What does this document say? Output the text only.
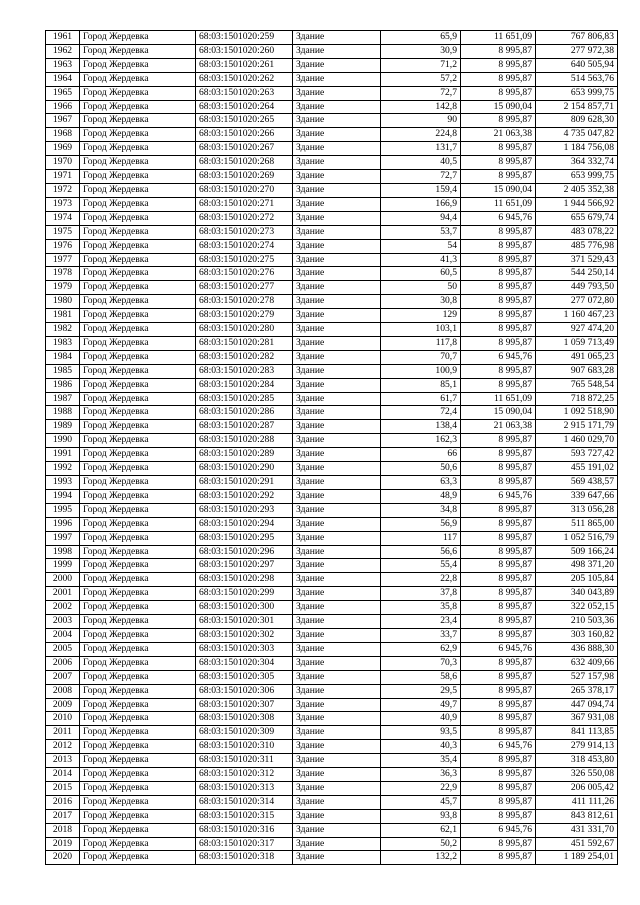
1961	Город Жердевка	68:03:1501020:259	Здание	65,9	11 651,09	767 806,83
1962	Город Жердевка	68:03:1501020:260	Здание	30,9	8 995,87	277 972,38
1963	Город Жердевка	68:03:1501020:261	Здание	71,2	8 995,87	640 505,94
1964	Город Жердевка	68:03:1501020:262	Здание	57,2	8 995,87	514 563,76
1965	Город Жердевка	68:03:1501020:263	Здание	72,7	8 995,87	653 999,75
1966	Город Жердевка	68:03:1501020:264	Здание	142,8	15 090,04	2 154 857,71
1967	Город Жердевка	68:03:1501020:265	Здание	90	8 995,87	809 628,30
1968	Город Жердевка	68:03:1501020:266	Здание	224,8	21 063,38	4 735 047,82
1969	Город Жердевка	68:03:1501020:267	Здание	131,7	8 995,87	1 184 756,08
1970	Город Жердевка	68:03:1501020:268	Здание	40,5	8 995,87	364 332,74
1971	Город Жердевка	68:03:1501020:269	Здание	72,7	8 995,87	653 999,75
1972	Город Жердевка	68:03:1501020:270	Здание	159,4	15 090,04	2 405 352,38
1973	Город Жердевка	68:03:1501020:271	Здание	166,9	11 651,09	1 944 566,92
1974	Город Жердевка	68:03:1501020:272	Здание	94,4	6 945,76	655 679,74
1975	Город Жердевка	68:03:1501020:273	Здание	53,7	8 995,87	483 078,22
1976	Город Жердевка	68:03:1501020:274	Здание	54	8 995,87	485 776,98
1977	Город Жердевка	68:03:1501020:275	Здание	41,3	8 995,87	371 529,43
1978	Город Жердевка	68:03:1501020:276	Здание	60,5	8 995,87	544 250,14
1979	Город Жердевка	68:03:1501020:277	Здание	50	8 995,87	449 793,50
1980	Город Жердевка	68:03:1501020:278	Здание	30,8	8 995,87	277 072,80
1981	Город Жердевка	68:03:1501020:279	Здание	129	8 995,87	1 160 467,23
1982	Город Жердевка	68:03:1501020:280	Здание	103,1	8 995,87	927 474,20
1983	Город Жердевка	68:03:1501020:281	Здание	117,8	8 995,87	1 059 713,49
1984	Город Жердевка	68:03:1501020:282	Здание	70,7	6 945,76	491 065,23
1985	Город Жердевка	68:03:1501020:283	Здание	100,9	8 995,87	907 683,28
1986	Город Жердевка	68:03:1501020:284	Здание	85,1	8 995,87	765 548,54
1987	Город Жердевка	68:03:1501020:285	Здание	61,7	11 651,09	718 872,25
1988	Город Жердевка	68:03:1501020:286	Здание	72,4	15 090,04	1 092 518,90
1989	Город Жердевка	68:03:1501020:287	Здание	138,4	21 063,38	2 915 171,79
1990	Город Жердевка	68:03:1501020:288	Здание	162,3	8 995,87	1 460 029,70
1991	Город Жердевка	68:03:1501020:289	Здание	66	8 995,87	593 727,42
1992	Город Жердевка	68:03:1501020:290	Здание	50,6	8 995,87	455 191,02
1993	Город Жердевка	68:03:1501020:291	Здание	63,3	8 995,87	569 438,57
1994	Город Жердевка	68:03:1501020:292	Здание	48,9	6 945,76	339 647,66
1995	Город Жердевка	68:03:1501020:293	Здание	34,8	8 995,87	313 056,28
1996	Город Жердевка	68:03:1501020:294	Здание	56,9	8 995,87	511 865,00
1997	Город Жердевка	68:03:1501020:295	Здание	117	8 995,87	1 052 516,79
1998	Город Жердевка	68:03:1501020:296	Здание	56,6	8 995,87	509 166,24
1999	Город Жердевка	68:03:1501020:297	Здание	55,4	8 995,87	498 371,20
2000	Город Жердевка	68:03:1501020:298	Здание	22,8	8 995,87	205 105,84
2001	Город Жердевка	68:03:1501020:299	Здание	37,8	8 995,87	340 043,89
2002	Город Жердевка	68:03:1501020:300	Здание	35,8	8 995,87	322 052,15
2003	Город Жердевка	68:03:1501020:301	Здание	23,4	8 995,87	210 503,36
2004	Город Жердевка	68:03:1501020:302	Здание	33,7	8 995,87	303 160,82
2005	Город Жердевка	68:03:1501020:303	Здание	62,9	6 945,76	436 888,30
2006	Город Жердевка	68:03:1501020:304	Здание	70,3	8 995,87	632 409,66
2007	Город Жердевка	68:03:1501020:305	Здание	58,6	8 995,87	527 157,98
2008	Город Жердевка	68:03:1501020:306	Здание	29,5	8 995,87	265 378,17
2009	Город Жердевка	68:03:1501020:307	Здание	49,7	8 995,87	447 094,74
2010	Город Жердевка	68:03:1501020:308	Здание	40,9	8 995,87	367 931,08
2011	Город Жердевка	68:03:1501020:309	Здание	93,5	8 995,87	841 113,85
2012	Город Жердевка	68:03:1501020:310	Здание	40,3	6 945,76	279 914,13
2013	Город Жердевка	68:03:1501020:311	Здание	35,4	8 995,87	318 453,80
2014	Город Жердевка	68:03:1501020:312	Здание	36,3	8 995,87	326 550,08
2015	Город Жердевка	68:03:1501020:313	Здание	22,9	8 995,87	206 005,42
2016	Город Жердевка	68:03:1501020:314	Здание	45,7	8 995,87	411 111,26
2017	Город Жердевка	68:03:1501020:315	Здание	93,8	8 995,87	843 812,61
2018	Город Жердевка	68:03:1501020:316	Здание	62,1	6 945,76	431 331,70
2019	Город Жердевка	68:03:1501020:317	Здание	50,2	8 995,87	451 592,67
2020	Город Жердевка	68:03:1501020:318	Здание	132,2	8 995,87	1 189 254,01
